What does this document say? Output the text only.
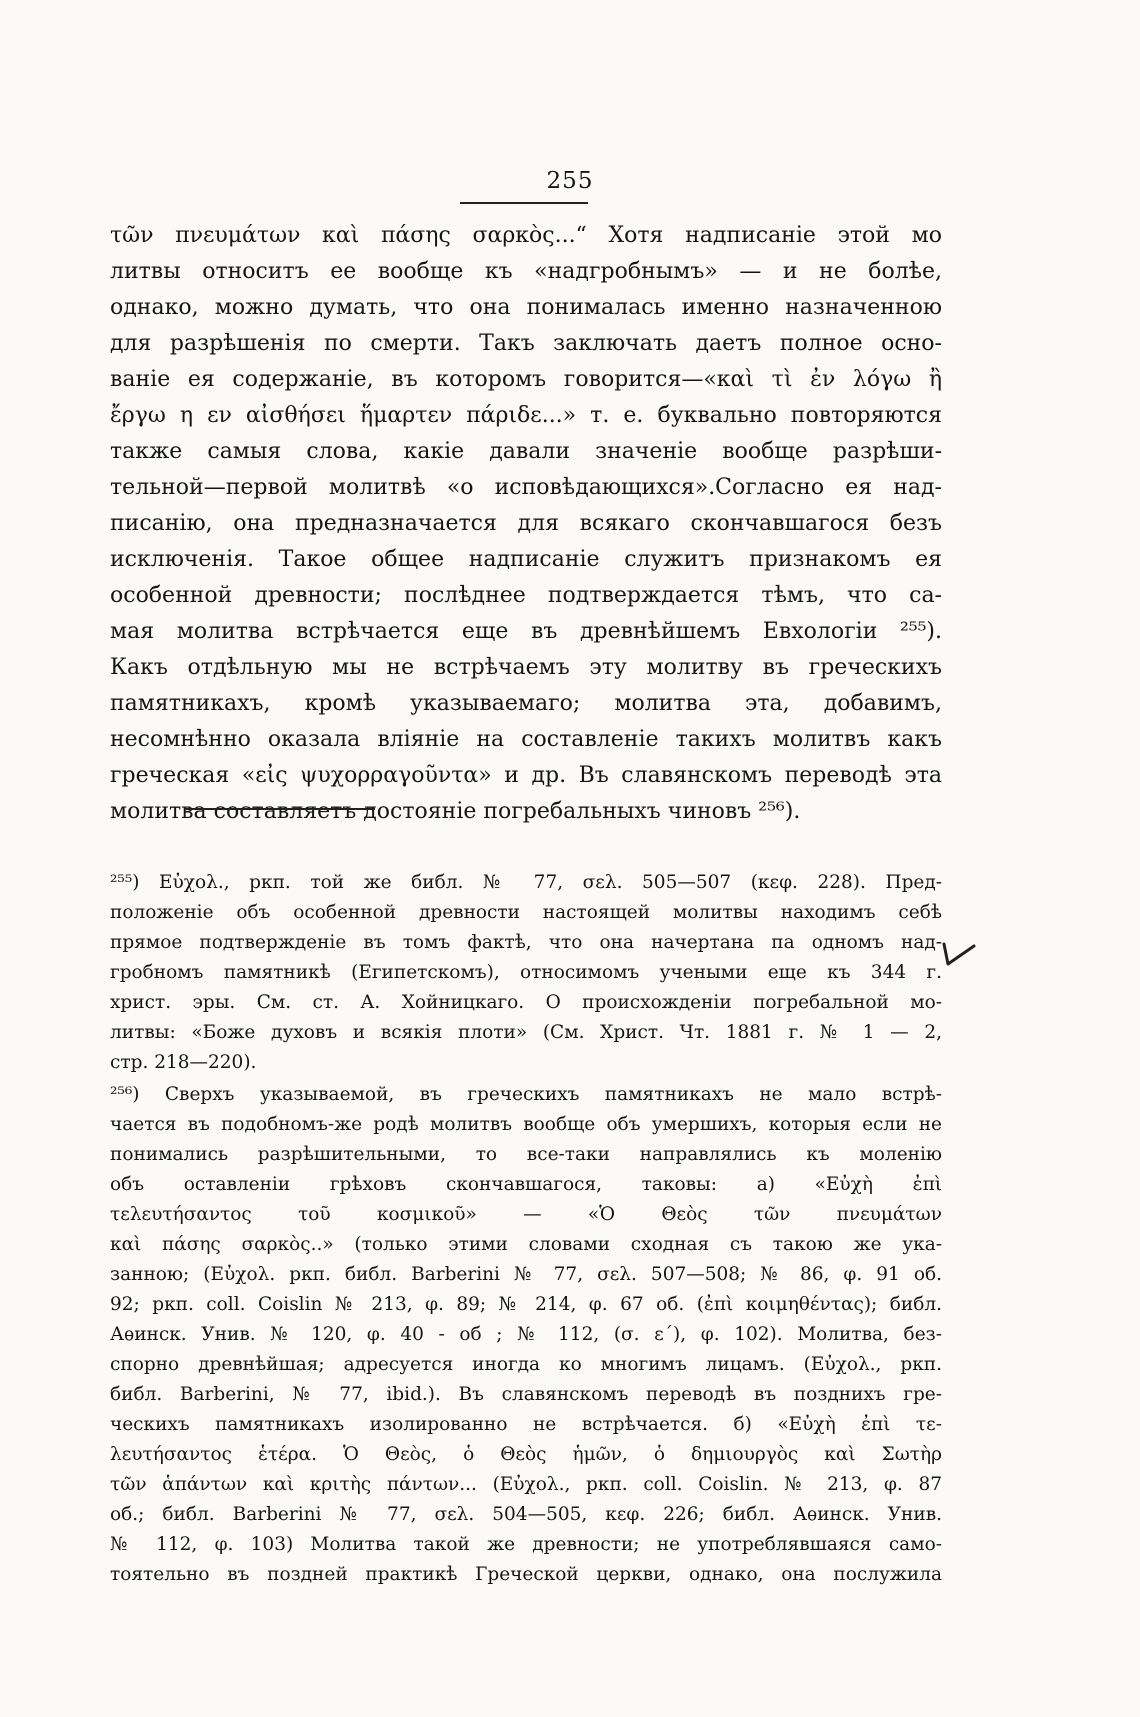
255
τῶν πνευμάτων καὶ πάσης σαρκὸς...“ Хотя надписаніе этой мо
литвы относитъ ее вообще къ «надгробнымъ» — и не болѣе,
однако, можно думать, что она понималась именно назначенною
для разрѣшенія по смерти. Такъ заключать даетъ полное осно-
ваніе ея содержаніе, въ которомъ говорится—«καὶ τὶ ἐν λόγω ἢ
ἔργω η εν αἰσθήσει ἥμαρτεν πάριδε...» т. е. буквально повторяются
также самыя слова, какіе давали значеніе вообще разрѣши-
тельной—первой молитвѣ «о исповѣдающихся».Согласно ея над-
писанію, она предназначается для всякаго скончавшагося безъ
исключенія. Такое общее надписаніе служитъ признакомъ ея
особенной древности; послѣднее подтверждается тѣмъ, что са-
мая молитва встрѣчается еще въ древнѣйшемъ Евхологіи ²⁵⁵).
Какъ отдѣльную мы не встрѣчаемъ эту молитву въ греческихъ
памятникахъ, кромѣ указываемаго; молитва эта, добавимъ,
несомнѣнно оказала вліяніе на составленіе такихъ молитвъ какъ
греческая «εἰς ψυχορραγοῦντα» и др. Въ славянскомъ переводѣ эта
молитва составляетъ достояніе погребальныхъ чиновъ ²⁵⁶).
²⁵⁵) Εὐχολ., ркп. той же библ. № 77, σελ. 505—507 (κεφ. 228). Пред-
положеніе объ особенной древности настоящей молитвы находимъ себѣ
прямое подтвержденіе въ томъ фактѣ, что она начертана па одномъ над-
гробномъ памятникѣ (Египетскомъ), относимомъ учеными еще къ 344 г.
христ. эры. См. ст. А. Хойницкаго. О происхожденіи погребальной мо-
литвы: «Боже духовъ и всякія плоти» (См. Христ. Чт. 1881 г. № 1 — 2,
стр. 218—220).
²⁵⁶) Сверхъ указываемой, въ греческихъ памятникахъ не мало встрѣ-
чается въ подобномъ-же родѣ молитвъ вообще объ умершихъ, которыя если не
понимались разрѣшительными, то все-таки направлялись къ моленію
объ оставленіи грѣховъ скончавшагося, таковы: а) «Εὐχὴ ἐπὶ
τελευτήσαντος τοῦ κοσμικοῦ» — «Ὁ Θεὸς τῶν πνευμάτων
καὶ πάσης σαρκὸς..» (только этими словами сходная съ такою же ука-
занною; (Εὐχολ. ркп. библ. Barberini № 77, σελ. 507—508; № 86, φ. 91 об.
92; ркп. coll. Coislin № 213, φ. 89; № 214, φ. 67 об. (ἐπὶ κοιμηθέντας); библ.
Аѳинск. Унив. № 120, φ. 40 - об ; № 112, (σ. ε΄), φ. 102). Молитва, без-
спорно древнѣйшая; адресуется иногда ко многимъ лицамъ. (Εὐχολ., ркп.
библ. Barberini, № 77, ibid.). Въ славянскомъ переводѣ въ позднихъ гре-
ческихъ памятникахъ изолированно не встрѣчается. б) «Εὐχὴ ἐπὶ τε-
λευτήσαντος ἑτέρα. Ὁ Θεὸς, ὁ Θεὸς ἡμῶν, ὁ δημιουργὸς καὶ Σωτὴρ
τῶν ἁπάντων καὶ κριτὴς πάντων... (Εὐχολ., ркп. coll. Coislin. № 213, φ. 87
об.; библ. Barberini № 77, σελ. 504—505, κεφ. 226; библ. Аѳинск. Унив.
№ 112, φ. 103) Молитва такой же древности; не употреблявшаяся само-
тоятельно въ поздней практикѣ Греческой церкви, однако, она послужила
